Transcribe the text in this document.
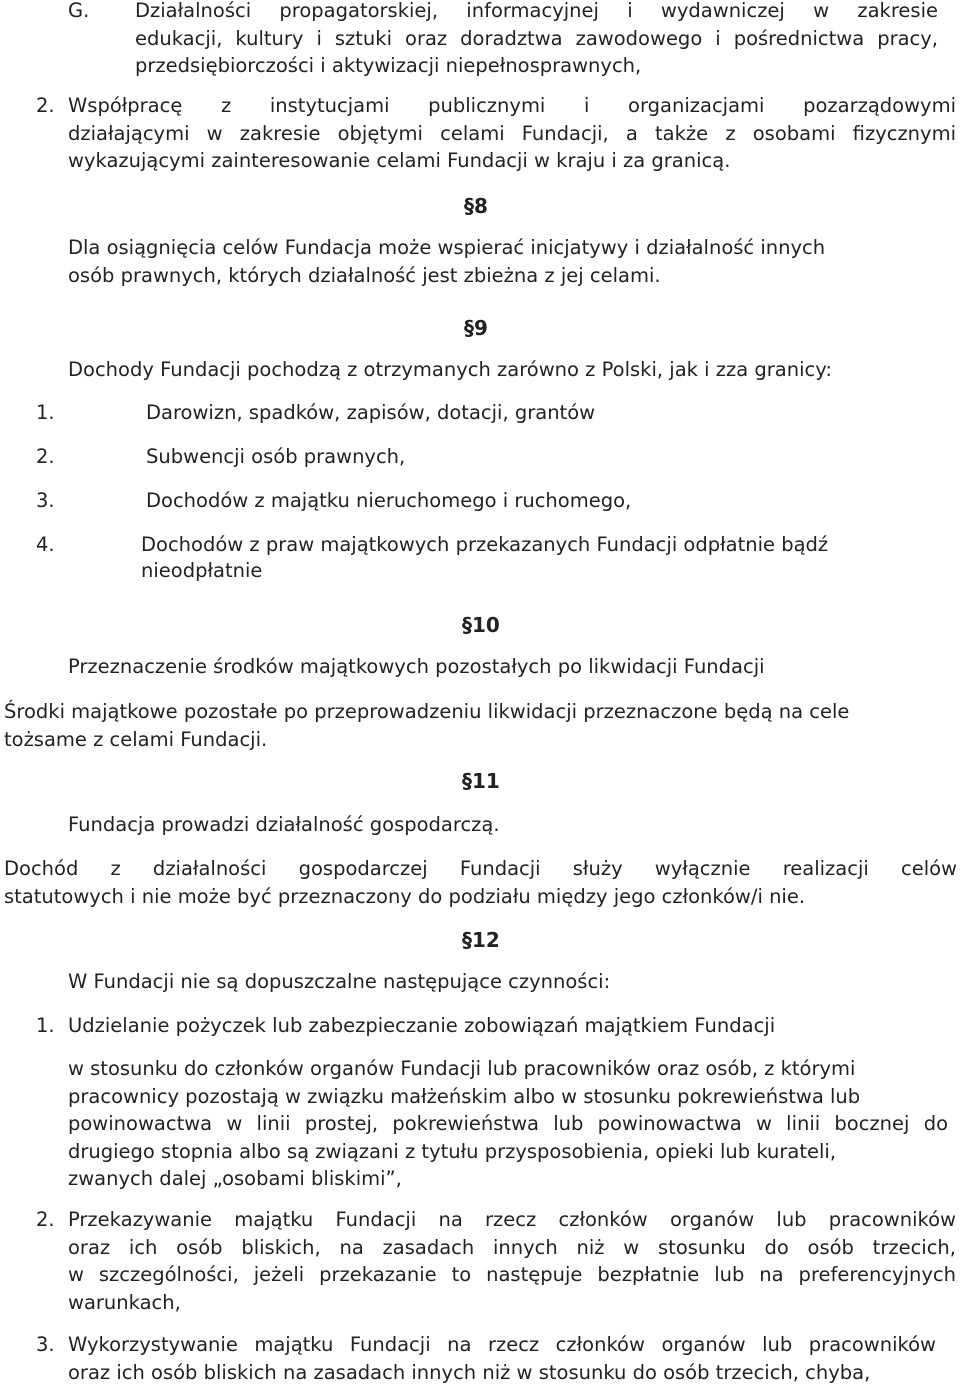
G. Działalności propagatorskiej, informacyjnej i wydawniczej w zakresie
edukacji, kultury i sztuki oraz doradztwa zawodowego i pośrednictwa pracy,
przedsiębiorczości i aktywizacji niepełnosprawnych,
2. Współpracę z instytucjami publicznymi i organizacjami pozarządowymi
działającymi w zakresie objętymi celami Fundacji, a także z osobami fizycznymi
wykazującymi zainteresowanie celami Fundacji w kraju i za granicą.
§8
Dla osiągnięcia celów Fundacja może wspierać inicjatywy i działalność innych
osób prawnych, których działalność jest zbieżna z jej celami.
§9
Dochody Fundacji pochodzą z otrzymanych zarówno z Polski, jak i zza granicy:
1.	Darowizn, spadków, zapisów, dotacji, grantów
2.	Subwencji osób prawnych,
3.	Dochodów z majątku nieruchomego i ruchomego,
4.	Dochodów z praw majątkowych przekazanych Fundacji odpłatnie bądź
nieodpłatnie
§10
Przeznaczenie środków majątkowych pozostałych po likwidacji Fundacji
Środki majątkowe pozostałe po przeprowadzeniu likwidacji przeznaczone będą na cele
tożsame z celami Fundacji.
§11
Fundacja prowadzi działalność gospodarczą.
Dochód z działalności gospodarczej Fundacji służy wyłącznie realizacji celów
statutowych i nie może być przeznaczony do podziału między jego członków/i nie.
§12
W Fundacji nie są dopuszczalne następujące czynności:
1. Udzielanie pożyczek lub zabezpieczanie zobowiązań majątkiem Fundacji
w stosunku do członków organów Fundacji lub pracowników oraz osób, z którymi
pracownicy pozostają w związku małżeńskim albo w stosunku pokrewieństwa lub
powinowactwa w linii prostej, pokrewieństwa lub powinowactwa w linii bocznej do
drugiego stopnia albo są związani z tytułu przysposobienia, opieki lub kurateli,
zwanych dalej „osobami bliskimi”,
2. Przekazywanie majątku Fundacji na rzecz członków organów lub pracowników
oraz ich osób bliskich, na zasadach innych niż w stosunku do osób trzecich,
w szczególności, jeżeli przekazanie to następuje bezpłatnie lub na preferencyjnych
warunkach,
3. Wykorzystywanie majątku Fundacji na rzecz członków organów lub pracowników
oraz ich osób bliskich na zasadach innych niż w stosunku do osób trzecich, chyba,
